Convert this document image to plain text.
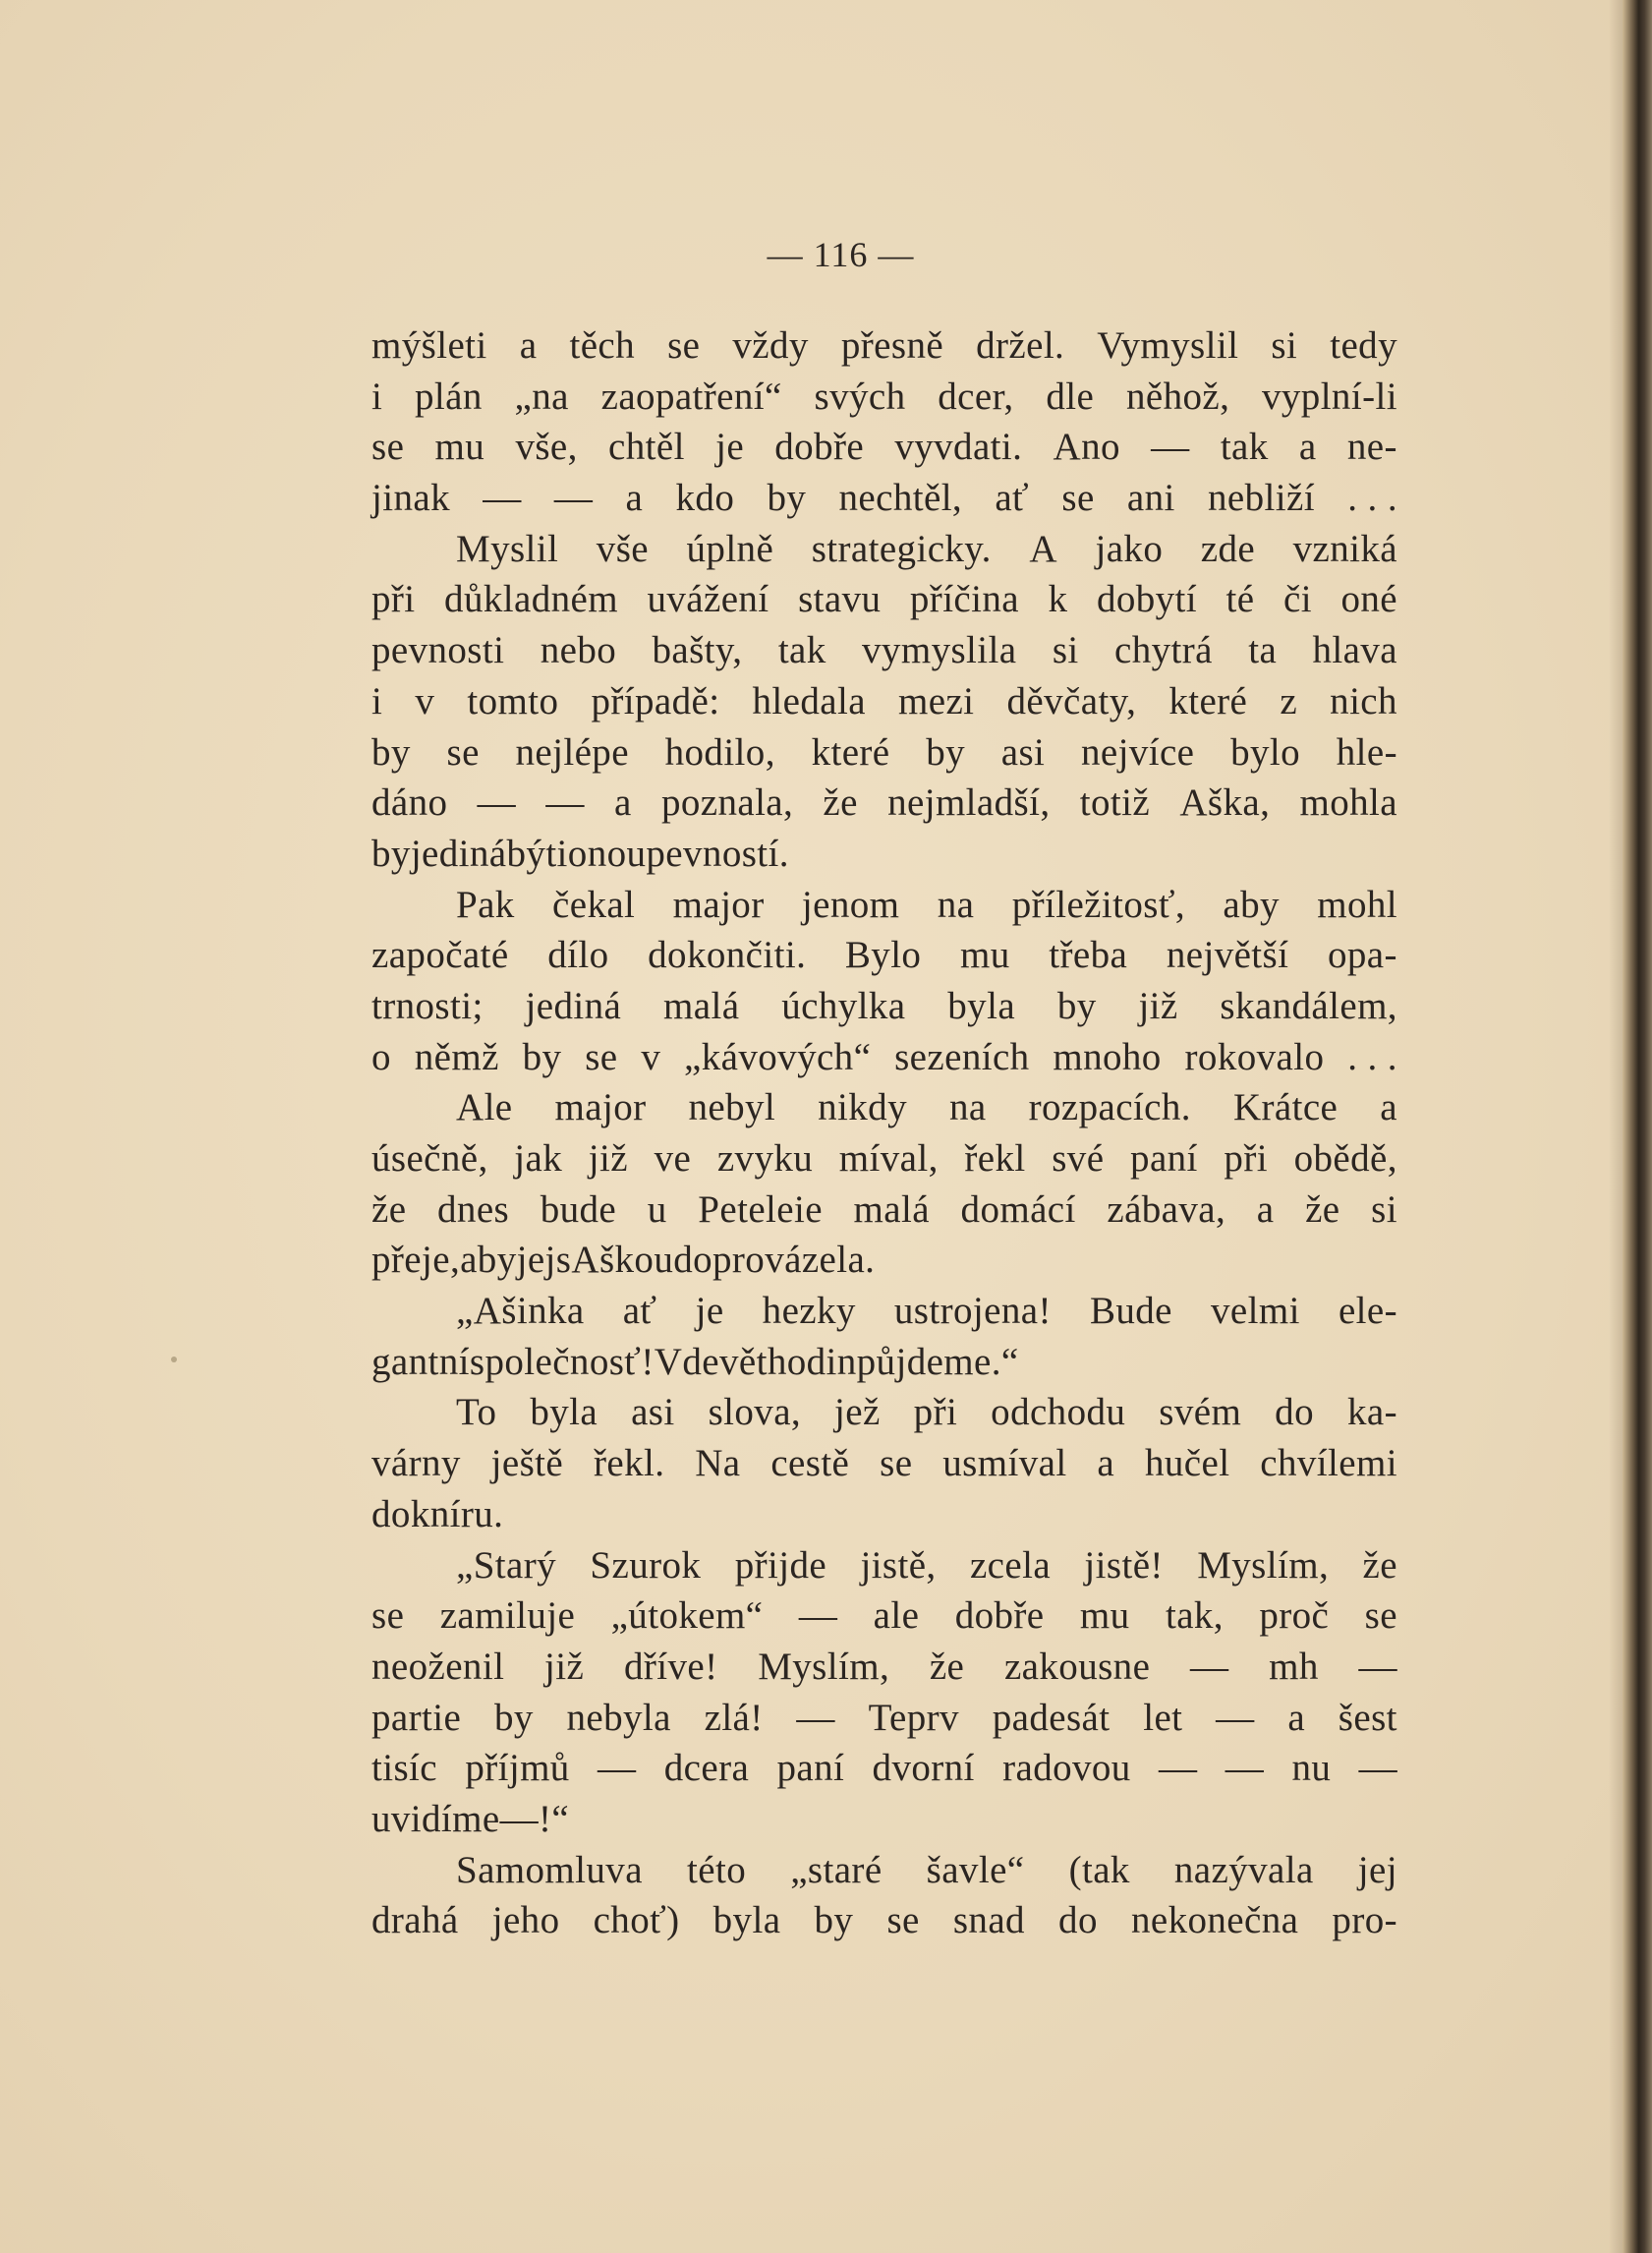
— 116 —
mýšleti a těch se vždy přesně držel. Vymyslil si tedy
i plán „na zaopatření“ svých dcer, dle něhož, vyplní-li
se mu vše, chtěl je dobře vyvdati. Ano — tak a ne-
jinak — — a kdo by nechtěl, ať se ani nebliží . . .
Myslil vše úplně strategicky. A jako zde vzniká
při důkladném uvážení stavu příčina k dobytí té či oné
pevnosti nebo bašty, tak vymyslila si chytrá ta hlava
i v tomto případě: hledala mezi děvčaty, které z nich
by se nejlépe hodilo, které by asi nejvíce bylo hle-
dáno — — a poznala, že nejmladší, totiž Aška, mohla
by jediná býti onou pevností.
Pak čekal major jenom na příležitosť, aby mohl
započaté dílo dokončiti. Bylo mu třeba největší opa-
trnosti; jediná malá úchylka byla by již skandálem,
o němž by se v „kávových“ sezeních mnoho rokovalo . . .
Ale major nebyl nikdy na rozpacích. Krátce a
úsečně, jak již ve zvyku míval, řekl své paní při obědě,
že dnes bude u Peteleie malá domácí zábava, a že si
přeje, aby jej s Aškou doprovázela.
„Ašinka ať je hezky ustrojena! Bude velmi ele-
gantní společnosť! V devět hodin půjdeme.“
To byla asi slova, jež při odchodu svém do ka-
várny ještě řekl. Na cestě se usmíval a hučel chvílemi
do kníru.
„Starý Szurok přijde jistě, zcela jistě! Myslím, že
se zamiluje „útokem“ — ale dobře mu tak, proč se
neoženil již dříve! Myslím, že zakousne — mh —
partie by nebyla zlá! — Teprv padesát let — a šest
tisíc příjmů — dcera paní dvorní radovou — — nu —
uvidíme —!“
Samomluva této „staré šavle“ (tak nazývala jej
drahá jeho choť) byla by se snad do nekonečna pro-
